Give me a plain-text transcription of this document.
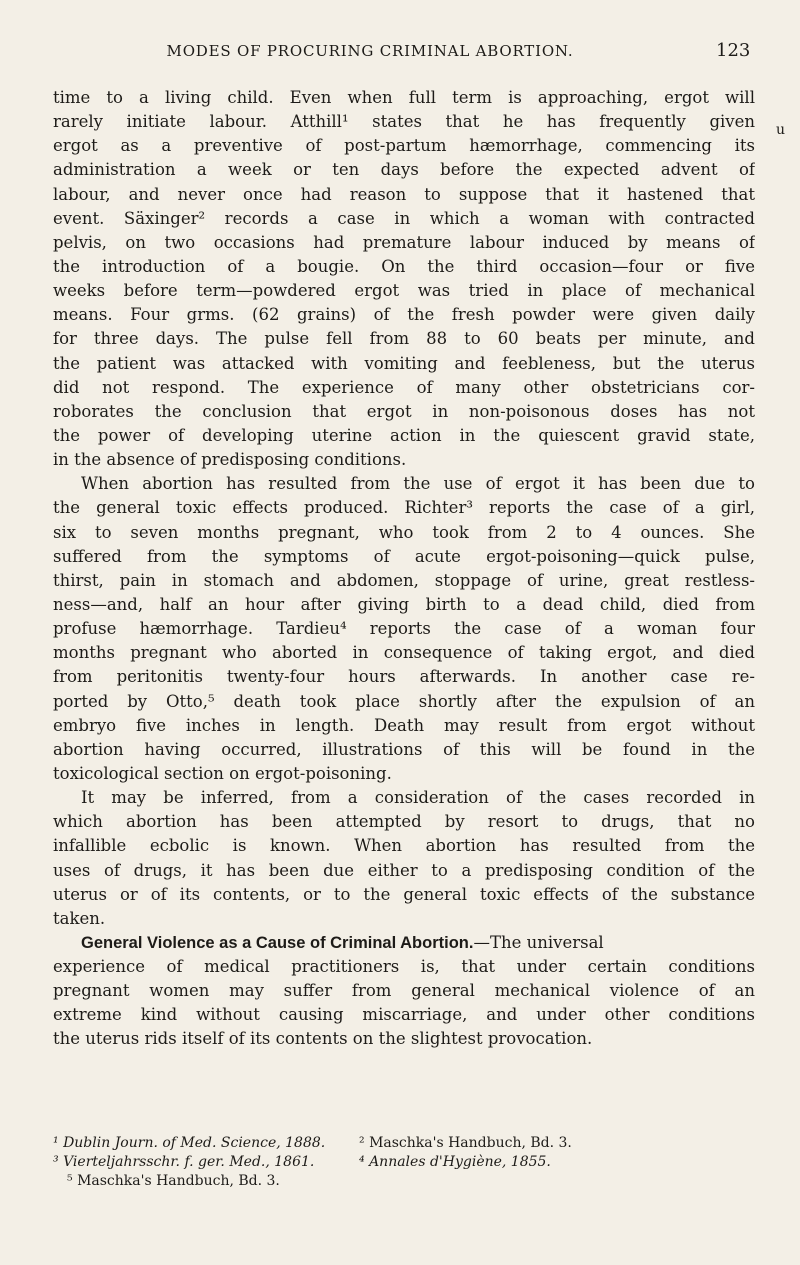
MODES OF PROCURING CRIMINAL ABORTION.	123
u
time to a living child. Even when full term is approaching, ergot will
rarely initiate labour. Atthill¹ states that he has frequently given
ergot as a preventive of post-partum hæmorrhage, commencing its
administration a week or ten days before the expected advent of
labour, and never once had reason to suppose that it hastened that
event. Säxinger² records a case in which a woman with contracted
pelvis, on two occasions had premature labour induced by means of
the introduction of a bougie. On the third occasion—four or five
weeks before term—powdered ergot was tried in place of mechanical
means. Four grms. (62 grains) of the fresh powder were given daily
for three days. The pulse fell from 88 to 60 beats per minute, and
the patient was attacked with vomiting and feebleness, but the uterus
did not respond. The experience of many other obstetricians cor-
roborates the conclusion that ergot in non-poisonous doses has not
the power of developing uterine action in the quiescent gravid state,
in the absence of predisposing conditions.
When abortion has resulted from the use of ergot it has been due to
the general toxic effects produced. Richter³ reports the case of a girl,
six to seven months pregnant, who took from 2 to 4 ounces. She
suffered from the symptoms of acute ergot-poisoning—quick pulse,
thirst, pain in stomach and abdomen, stoppage of urine, great restless-
ness—and, half an hour after giving birth to a dead child, died from
profuse hæmorrhage. Tardieu⁴ reports the case of a woman four
months pregnant who aborted in consequence of taking ergot, and died
from peritonitis twenty-four hours afterwards. In another case re-
ported by Otto,⁵ death took place shortly after the expulsion of an
embryo five inches in length. Death may result from ergot without
abortion having occurred, illustrations of this will be found in the
toxicological section on ergot-poisoning.
It may be inferred, from a consideration of the cases recorded in
which abortion has been attempted by resort to drugs, that no
infallible ecbolic is known. When abortion has resulted from the
uses of drugs, it has been due either to a predisposing condition of the
uterus or of its contents, or to the general toxic effects of the substance
taken.
General Violence as a Cause of Criminal Abortion.—The universal
experience of medical practitioners is, that under certain conditions
pregnant women may suffer from general mechanical violence of an
extreme kind without causing miscarriage, and under other conditions
the uterus rids itself of its contents on the slightest provocation.
¹ Dublin Journ. of Med. Science, 1888. ² Maschka's Handbuch, Bd. 3.
³ Vierteljahrsschr. f. ger. Med., 1861.	⁴ Annales d'Hygiène, 1855.
⁵ Maschka's Handbuch, Bd. 3.
